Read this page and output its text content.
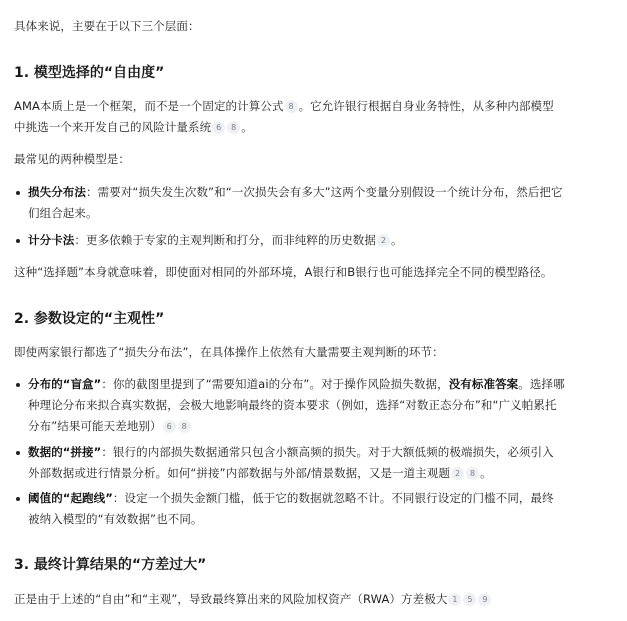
具体来说，主要在于以下三个层面：
1. 模型选择的“自由度”
AMA本质上是一个框架，而不是一个固定的计算公式 8 。它允许银行根据自身业务特性，从多种内部模型
中挑选一个来开发自己的风险计量系统 6 8 。
最常见的两种模型是：
损失分布法：需要对“损失发生次数”和“一次损失会有多大”这两个变量分别假设一个统计分布，然后把它
们组合起来。
计分卡法：更多依赖于专家的主观判断和打分，而非纯粹的历史数据 2 。
这种“选择题”本身就意味着，即使面对相同的外部环境，A银行和B银行也可能选择完全不同的模型路径。
2. 参数设定的“主观性”
即使两家银行都选了“损失分布法”，在具体操作上依然有大量需要主观判断的环节：
分布的“盲盒”：你的截图里提到了“需要知道ai的分布”。对于操作风险损失数据，没有标准答案。选择哪
种理论分布来拟合真实数据，会极大地影响最终的资本要求（例如，选择“对数正态分布”和“广义帕累托
分布”结果可能天差地别） 6 8
数据的“拼接”：银行的内部损失数据通常只包含小额高频的损失。对于大额低频的极端损失，必须引入
外部数据或进行情景分析。如何“拼接”内部数据与外部/情景数据，又是一道主观题 2 8 。
阈值的“起跑线”：设定一个损失金额门槛，低于它的数据就忽略不计。不同银行设定的门槛不同，最终
被纳入模型的“有效数据”也不同。
3. 最终计算结果的“方差过大”
正是由于上述的“自由”和“主观”，导致最终算出来的风险加权资产（RWA）方差极大 1 5 9
